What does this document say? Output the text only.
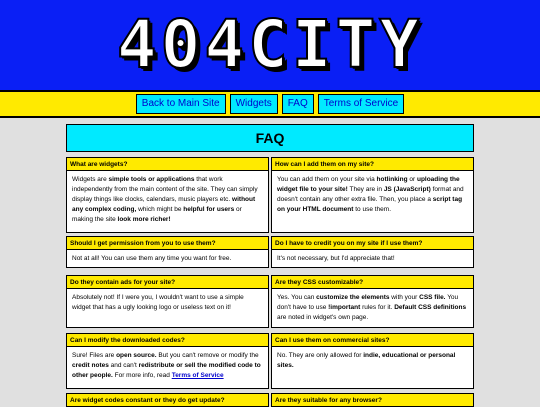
404CITY
Back to Main Site	Widgets	FAQ	Terms of Service
FAQ
What are widgets?
Widgets are simple tools or applications that work independently from the main content of the site. They can simply display things like clocks, calendars, music players etc. without any complex coding, which might be helpful for users or making the site look more richer!
How can I add them on my site?
You can add them on your site via hotlinking or uploading the widget file to your site! They are in JS (JavaScript) format and doesn't contain any other extra file. Then, you place a script tag on your HTML document to use them.
Should I get permission from you to use them?
Not at all! You can use them any time you want for free.
Do I have to credit you on my site if I use them?
It's not necessary, but I'd appreciate that!
Do they contain ads for your site?
Absolutely not! If I were you, I wouldn't want to use a simple widget that has a ugly looking logo or useless text on it!
Are they CSS customizable?
Yes. You can customize the elements with your CSS file. You don't have to use !important rules for it. Default CSS definitions are noted in widget's own page.
Can I modify the downloaded codes?
Sure! Files are open source. But you can't remove or modify the credit notes and can't redistribute or sell the modified code to other people. For more info, read Terms of Service
Can I use them on commercial sites?
No. They are only allowed for indie, educational or personal sites.
Are widget codes constant or they do get update?	Are they suitable for any browser?
